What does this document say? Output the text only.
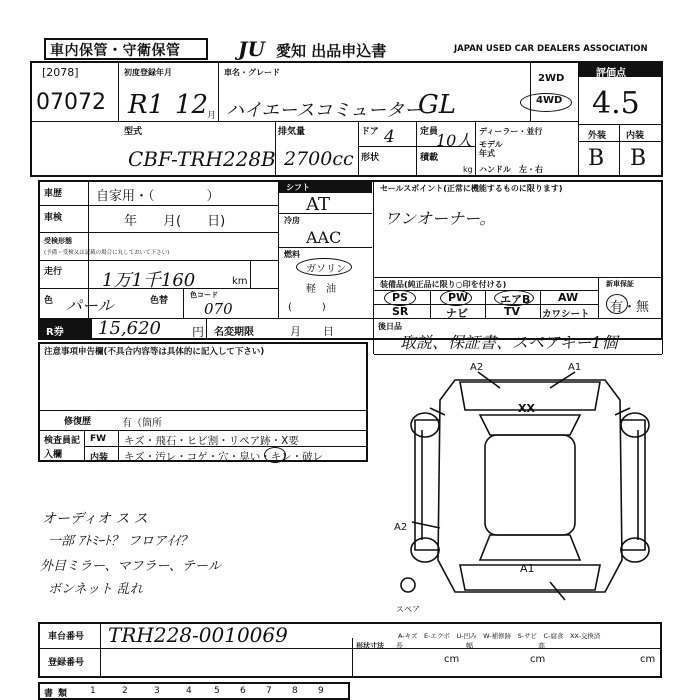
車内保管・守衛保管	JU 愛知 出品申込書	JAPAN USED CAR DEALERS ASSOCIATION
[2078]
07072
初度登録年月
R1 12
月
車名・グレード
ハイエースコミューター
GL
2WD
4WD
評価点
4.5
外装 内装
B B
型式
CBF-TRH228B
排気量
2700cc
ドア 4	定員
10人
形状	積載
kg
ディーラー・並行
モデル年式
ハンドル　左・右
車歴	自家用・（　　　　）
車検	年　　月(　　日)
受検形態
(予備・受検又は記載の場合に丸しておいて下さい)
走行 1万1千160	km
色 パール	色替
色コード
070
シフト
AT
冷房
AAC
燃料
ガソリン
軽　油
(　　　)
セールスポイント(正常に機能するものに限ります)
ワンオーナー。
装備品(純正品に限り○印を付ける)	新車保証
有・無
PS	PW	エアB	AW
SR	ナビ	TV カワシート
R券 15,620	円 名変期限	月　　日	後日品
取説、保証書、スペアキー1個
注意事項申告欄(不具合内容等は具体的に記入して下さい)
修復歴	有（箇所
検査員記入欄
FW キズ・飛石・ヒビ割・リペア跡・X要
内装 キズ・汚レ・コゲ・穴・臭い・キレ・破レ
オーディオ ス ス
一部 ｱﾄﾐｰﾄ？ フロアｲｲ？
外目ミラー、マフラー、テール
ボンネット 乱れ
A2	A1
XX
A2
A1
スペア
A-キズ　E-エクボ　U-凹み　W-補修跡　S-サビ　C-腐食　XX-交換済
車台番号 TRH228-0010069
登録番号
形状寸法 長	幅	高
cm	cm	cm
書 類	1	2	3	4 5 6 7 8 9
